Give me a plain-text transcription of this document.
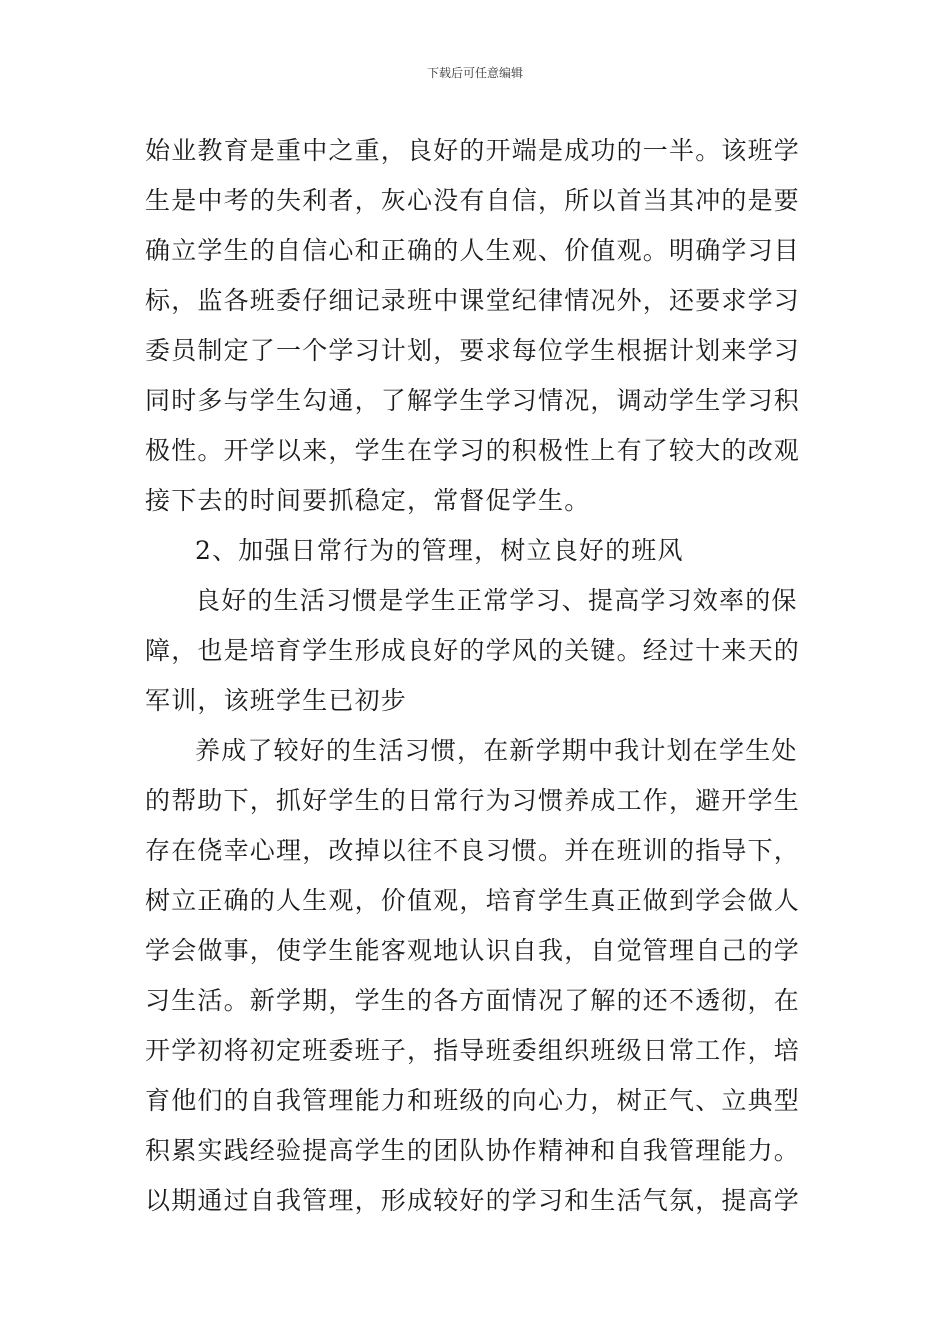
下载后可任意编辑
始业教育是重中之重，良好的开端是成功的一半。该班学
生是中考的失利者，灰心没有自信，所以首当其冲的是要
确立学生的自信心和正确的人生观、价值观。明确学习目
标，监各班委仔细记录班中课堂纪律情况外，还要求学习
委员制定了一个学习计划，要求每位学生根据计划来学习
同时多与学生勾通，了解学生学习情况，调动学生学习积
极性。开学以来，学生在学习的积极性上有了较大的改观
接下去的时间要抓稳定，常督促学生。
2、加强日常行为的管理，树立良好的班风
良好的生活习惯是学生正常学习、提高学习效率的保
障，也是培育学生形成良好的学风的关键。经过十来天的
军训，该班学生已初步
养成了较好的生活习惯，在新学期中我计划在学生处
的帮助下，抓好学生的日常行为习惯养成工作，避开学生
存在侥幸心理，改掉以往不良习惯。并在班训的指导下，
树立正确的人生观，价值观，培育学生真正做到学会做人
学会做事，使学生能客观地认识自我，自觉管理自己的学
习生活。新学期，学生的各方面情况了解的还不透彻，在
开学初将初定班委班子，指导班委组织班级日常工作，培
育他们的自我管理能力和班级的向心力，树正气、立典型
积累实践经验提高学生的团队协作精神和自我管理能力。
以期通过自我管理，形成较好的学习和生活气氛，提高学
